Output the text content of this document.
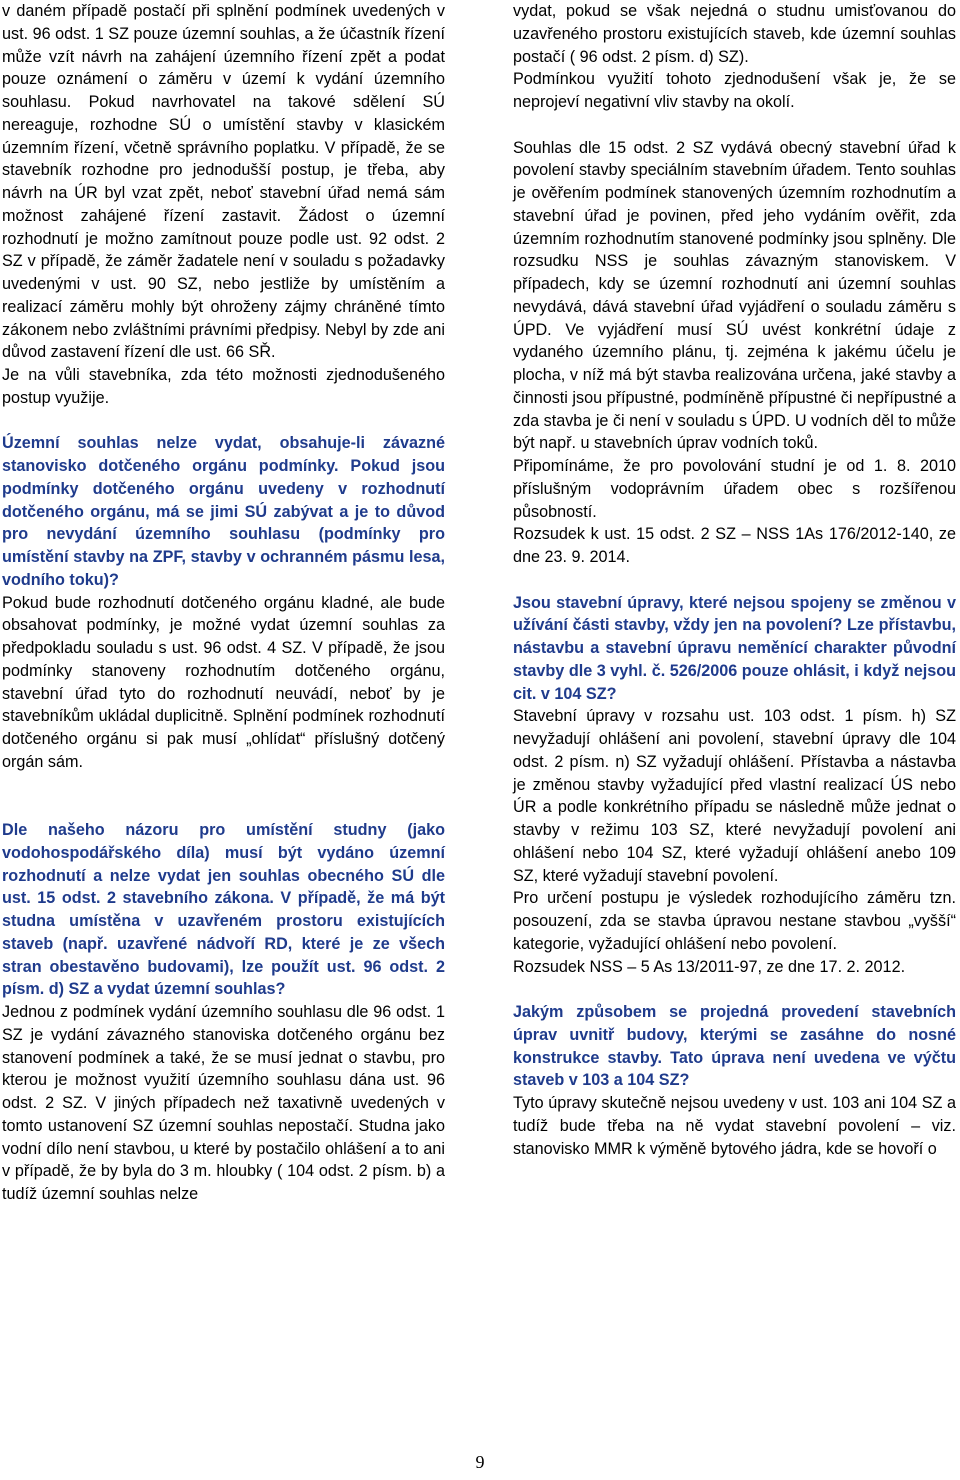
v daném případě postačí při splnění podmínek uvedených v ust. 96 odst. 1 SZ pouze územní souhlas, a že účastník řízení může vzít návrh na zahájení územního řízení zpět a podat pouze oznámení o záměru v území k vydání územního souhlasu. Pokud navrhovatel na takové sdělení SÚ nereaguje, rozhodne SÚ o umístění stavby v klasickém územním řízení, včetně správního poplatku. V případě, že se stavebník rozhodne pro jednodušší postup, je třeba, aby návrh na ÚR byl vzat zpět, neboť stavební úřad nemá sám možnost zahájené řízení zastavit. Žádost o územní rozhodnutí je možno zamítnout pouze podle ust. 92 odst. 2 SZ v případě, že záměr žadatele není v souladu s požadavky uvedenými v ust. 90 SZ, nebo jestliže by umístěním a realizací záměru mohly být ohroženy zájmy chráněné tímto zákonem nebo zvláštními právními předpisy. Nebyl by zde ani důvod zastavení řízení dle ust. 66 SŘ.

Je na vůli stavebníka, zda této možnosti zjednodušeného postup využije.

Územní souhlas nelze vydat, obsahuje-li závazné stanovisko dotčeného orgánu podmínky. Pokud jsou podmínky dotčeného orgánu uvedeny v rozhodnutí dotčeného orgánu, má se jimi SÚ zabývat a je to důvod pro nevydání územního souhlasu (podmínky pro umístění stavby na ZPF, stavby v ochranném pásmu lesa, vodního toku)?

Pokud bude rozhodnutí dotčeného orgánu kladné, ale bude obsahovat podmínky, je možné vydat územní souhlas za předpokladu souladu s ust. 96 odst. 4 SZ. V případě, že jsou podmínky stanoveny rozhodnutím dotčeného orgánu, stavební úřad tyto do rozhodnutí neuvádí, neboť by je stavebníkům ukládal duplicitně. Splnění podmínek rozhodnutí dotčeného orgánu si pak musí „ohlídat“ příslušný dotčený orgán sám.

Dle našeho názoru pro umístění studny (jako vodohospodářského díla) musí být vydáno územní rozhodnutí a nelze vydat jen souhlas obecného SÚ dle ust. 15 odst. 2 stavebního zákona. V případě, že má být studna umístěna v uzavřeném prostoru existujících staveb (např. uzavřené nádvoří RD, které je ze všech stran obestavěno budovami), lze použít ust. 96 odst. 2 písm. d) SZ a vydat územní souhlas?

Jednou z podmínek vydání územního souhlasu dle 96 odst. 1 SZ je vydání závazného stanoviska dotčeného orgánu bez stanovení podmínek a také, že se musí jednat o stavbu, pro kterou je možnost využití územního souhlasu dána ust. 96 odst. 2 SZ. V jiných případech než taxativně uvedených v tomto ustanovení SZ územní souhlas nepostačí. Studna jako vodní dílo není stavbou, u které by postačilo ohlášení a to ani v případě, že by byla do 3 m. hloubky ( 104 odst. 2 písm. b) a tudíž územní souhlas nelze

vydat, pokud se však nejedná o studnu umisťovanou do uzavřeného prostoru existujících staveb, kde územní souhlas postačí ( 96 odst. 2 písm. d) SZ).

Podmínkou využití tohoto zjednodušení však je, že se neprojeví negativní vliv stavby na okolí.

Souhlas dle 15 odst. 2 SZ vydává obecný stavební úřad k povolení stavby speciálním stavebním úřadem. Tento souhlas je ověřením podmínek stanovených územním rozhodnutím a stavební úřad je povinen, před jeho vydáním ověřit, zda územním rozhodnutím stanovené podmínky jsou splněny. Dle rozsudku NSS je souhlas závazným stanoviskem. V případech, kdy se územní rozhodnutí ani územní souhlas nevydává, dává stavební úřad vyjádření o souladu záměru s ÚPD. Ve vyjádření musí SÚ uvést konkrétní údaje z vydaného územního plánu, tj. zejména k jakému účelu je plocha, v níž má být stavba realizována určena, jaké stavby a činnosti jsou přípustné, podmíněně přípustné či nepřípustné a zda stavba je či není v souladu s ÚPD. U vodních děl to může být např. u stavebních úprav vodních toků.

Připomínáme, že pro povolování studní je od 1. 8. 2010 příslušným vodoprávním úřadem obec s rozšířenou působností.

Rozsudek k ust. 15 odst. 2 SZ – NSS 1As 176/2012-140, ze dne 23. 9. 2014.

Jsou stavební úpravy, které nejsou spojeny se změnou v užívání části stavby, vždy jen na povolení? Lze přístavbu, nástavbu a stavební úpravu neměnící charakter původní stavby dle 3 vyhl. č. 526/2006 pouze ohlásit, i když nejsou cit. v 104 SZ?

Stavební úpravy v rozsahu ust. 103 odst. 1 písm. h) SZ nevyžadují ohlášení ani povolení, stavební úpravy dle 104 odst. 2 písm. n) SZ vyžadují ohlášení. Přístavba a nástavba je změnou stavby vyžadující před vlastní realizací ÚS nebo ÚR a podle konkrétního případu se následně může jednat o stavby v režimu 103 SZ, které nevyžadují povolení ani ohlášení nebo 104 SZ, které vyžadují ohlášení anebo 109 SZ, které vyžadují stavební povolení.

Pro určení postupu je výsledek rozhodujícího záměru tzn. posouzení, zda se stavba úpravou nestane stavbou „vyšší“ kategorie, vyžadující ohlášení nebo povolení.

Rozsudek NSS – 5 As 13/2011-97, ze dne 17. 2. 2012.

Jakým způsobem se projedná provedení stavebních úprav uvnitř budovy, kterými se zasáhne do nosné konstrukce stavby. Tato úprava není uvedena ve výčtu staveb v 103 a 104 SZ?

Tyto úpravy skutečně nejsou uvedeny v ust. 103 ani 104 SZ a tudíž bude třeba na ně vydat stavební povolení – viz. stanovisko MMR k výměně bytového jádra, kde se hovoří o

9
